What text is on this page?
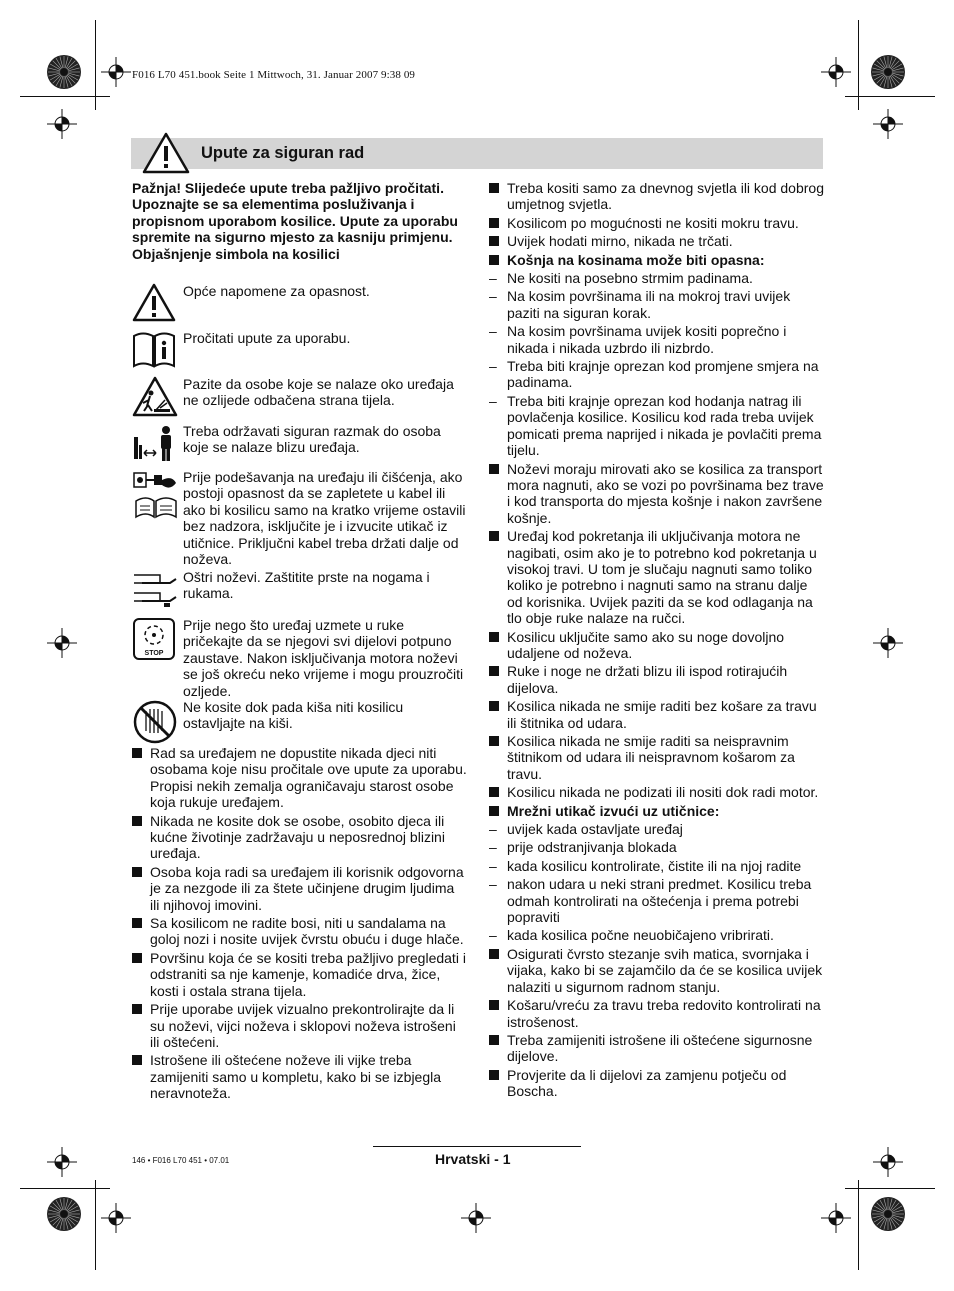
F016 L70 451.book Seite 1 Mittwoch, 31. Januar 2007 9:38 09
Upute za siguran rad

Pažnja! Slijedeće upute treba pažljivo pročitati. Upoznajte se sa elementima posluživanja i propisnom uporabom kosilice. Upute za uporabu spremite na sigurno mjesto za kasniju primjenu.

Objašnjenje simbola na kosilici

Opće napomene za opasnost.
Pročitati upute za uporabu.
Pazite da osobe koje se nalaze oko uređaja ne ozlijede odbačena strana tijela.
Treba održavati siguran razmak do osoba koje se nalaze blizu uređaja.
Prije podešavanja na uređaju ili čišćenja, ako postoji opasnost da se zapletete u kabel ili ako bi kosilicu samo na kratko vrijeme ostavili bez nadzora, isključite je i izvucite utikač iz utičnice. Priključni kabel treba držati dalje od noževa.
Oštri noževi. Zaštitite prste na nogama i rukama.
STOP
Prije nego što uređaj uzmete u ruke pričekajte da se njegovi svi dijelovi potpuno zaustave. Nakon isključivanja motora noževi se još okreću neko vrijeme i mogu prouzročiti ozljede.
Ne kosite dok pada kiša niti kosilicu ostavljajte na kiši.
Rad sa uređajem ne dopustite nikada djeci niti osobama koje nisu pročitale ove upute za uporabu. Propisi nekih zemalja ograničavaju starost osobe koja rukuje uređajem.
Nikada ne kosite dok se osobe, osobito djeca ili kućne životinje zadržavaju u neposrednoj blizini uređaja.
Osoba koja radi sa uređajem ili korisnik odgovorna je za nezgode ili za štete učinjene drugim ljudima ili njihovoj imovini.
Sa kosilicom ne radite bosi, niti u sandalama na goloj nozi i nosite uvijek čvrstu obuću i duge hlače.
Površinu koja će se kositi treba pažljivo pregledati i odstraniti sa nje kamenje, komadiće drva, žice, kosti i ostala strana tijela.
Prije uporabe uvijek vizualno prekontrolirajte da li su noževi, vijci noževa i sklopovi noževa istrošeni ili oštećeni.
Istrošene ili oštećene noževe ili vijke treba zamijeniti samo u kompletu, kako bi se izbjegla neravnoteža.
Treba kositi samo za dnevnog svjetla ili kod dobrog umjetnog svjetla.
Kosilicom po mogućnosti ne kositi mokru travu.
Uvijek hodati mirno, nikada ne trčati.
Košnja na kosinama može biti opasna:
– Ne kositi na posebno strmim padinama.
– Na kosim površinama ili na mokroj travi uvijek paziti na siguran korak.
– Na kosim površinama uvijek kositi poprečno i nikada i nikada uzbrdo ili nizbrdo.
– Treba biti krajnje oprezan kod promjene smjera na padinama.
– Treba biti krajnje oprezan kod hodanja natrag ili povlačenja kosilice. Kosilicu kod rada treba uvijek pomicati prema naprijed i nikada je povlačiti prema tijelu.
Noževi moraju mirovati ako se kosilica za transport mora nagnuti, ako se vozi po površinama bez trave i kod transporta do mjesta košnje i nakon završene košnje.
Uređaj kod pokretanja ili uključivanja motora ne nagibati, osim ako je to potrebno kod pokretanja u visokoj travi. U tom je slučaju nagnuti samo toliko koliko je potrebno i nagnuti samo na stranu dalje od korisnika. Uvijek paziti da se kod odlaganja na tlo obje ruke nalaze na ručci.
Kosilicu uključite samo ako su noge dovoljno udaljene od noževa.
Ruke i noge ne držati blizu ili ispod rotirajućih dijelova.
Kosilica nikada ne smije raditi bez košare za travu ili štitnika od udara.
Kosilica nikada ne smije raditi sa neispravnim štitnikom od udara ili neispravnom košarom za travu.
Kosilicu nikada ne podizati ili nositi dok radi motor.
Mrežni utikač izvući uz utičnice:
– uvijek kada ostavljate uređaj
– prije odstranjivanja blokada
– kada kosilicu kontrolirate, čistite ili na njoj radite
– nakon udara u neki strani predmet. Kosilicu treba odmah kontrolirati na oštećenja i prema potrebi popraviti
– kada kosilica počne neuobičajeno vribrirati.
Osigurati čvrsto stezanje svih matica, svornjaka i vijaka, kako bi se zajamčilo da će se kosilica uvijek nalaziti u sigurnom radnom stanju.
Košaru/vreću za travu treba redovito kontrolirati na istrošenost.
Treba zamijeniti istrošene ili oštećene sigurnosne dijelove.
Provjerite da li dijelovi za zamjenu potječu od Boscha.
Hrvatski - 1
146 • F016 L70 451 • 07.01
